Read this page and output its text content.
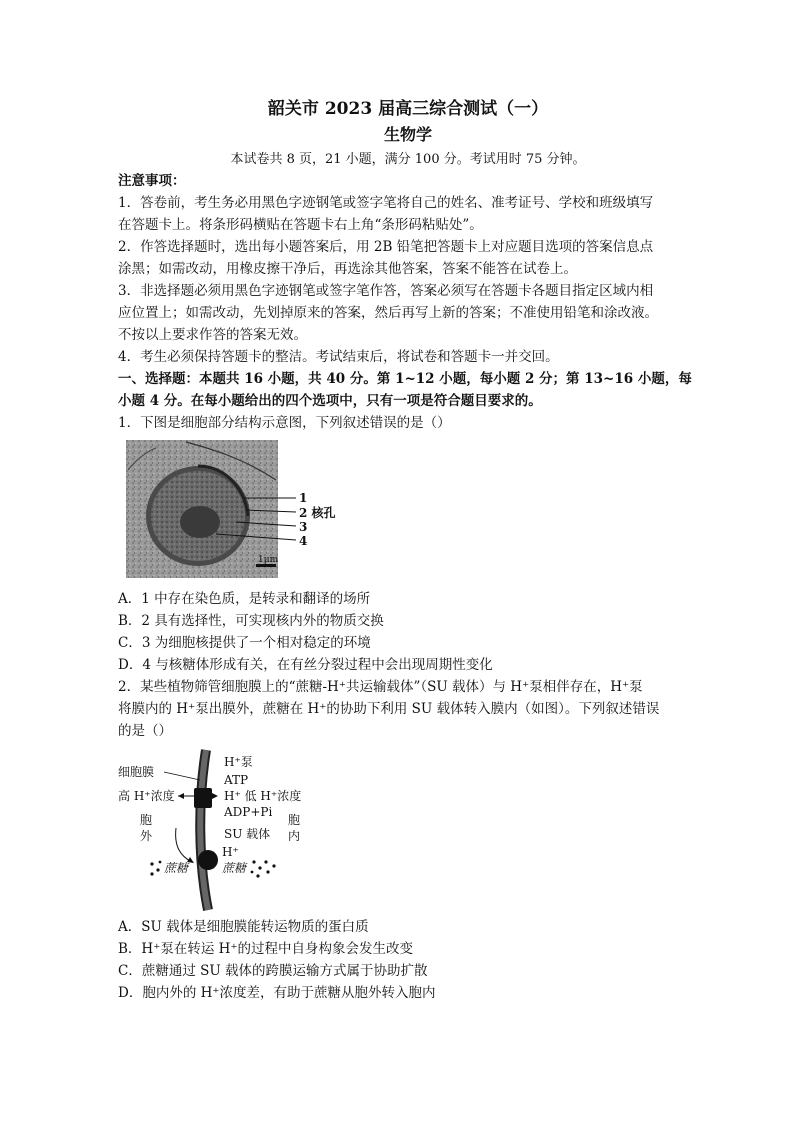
韶关市 2023 届高三综合测试（一）

生物学

本试卷共 8 页，21 小题，满分 100 分。考试用时 75 分钟。

注意事项：

1．答卷前，考生务必用黑色字迹钢笔或签字笔将自己的姓名、准考证号、学校和班级填写

在答题卡上。将条形码横贴在答题卡右上角“条形码粘贴处”。

2．作答选择题时，选出每小题答案后，用 2B 铅笔把答题卡上对应题目选项的答案信息点

涂黑；如需改动，用橡皮擦干净后，再选涂其他答案，答案不能答在试卷上。

3．非选择题必须用黑色字迹钢笔或签字笔作答，答案必须写在答题卡各题目指定区域内相

应位置上；如需改动，先划掉原来的答案，然后再写上新的答案；不准使用铅笔和涂改液。

不按以上要求作答的答案无效。

4．考生必须保持答题卡的整洁。考试结束后，将试卷和答题卡一并交回。

一、选择题：本题共 16 小题，共 40 分。第 1~12 小题，每小题 2 分；第 13~16 小题，每

小题 4 分。在每小题给出的四个选项中，只有一项是符合题目要求的。

1．下图是细胞部分结构示意图，下列叙述错误的是（）

1μm
1
2 核孔
3
4

A．1 中存在染色质，是转录和翻译的场所

B．2 具有选择性，可实现核内外的物质交换

C．3 为细胞核提供了一个相对稳定的环境

D．4 与核糖体形成有关，在有丝分裂过程中会出现周期性变化

2．某些植物筛管细胞膜上的“蔗糖-H⁺共运输载体”（SU 载体）与 H⁺泵相伴存在，H⁺泵

将膜内的 H⁺泵出膜外，蔗糖在 H⁺的协助下利用 SU 载体转入膜内（如图）。下列叙述错误

的是（）

细胞膜
H⁺泵
ATP
高 H⁺浓度	H⁺ 低 H⁺浓度
ADP+Pi
胞
外
胞
内
SU 载体
H⁺
蔗糖	蔗糖

A．SU 载体是细胞膜能转运物质的蛋白质

B．H⁺泵在转运 H⁺的过程中自身构象会发生改变

C．蔗糖通过 SU 载体的跨膜运输方式属于协助扩散

D．胞内外的 H⁺浓度差，有助于蔗糖从胞外转入胞内
